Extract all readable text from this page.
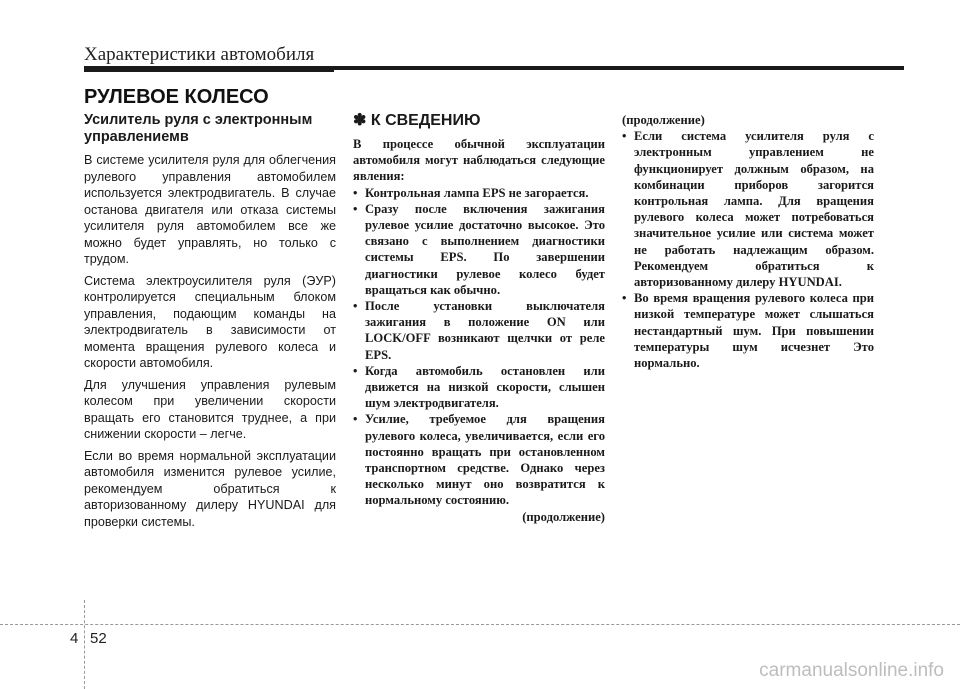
Характеристики автомобиля
РУЛЕВОЕ КОЛЕСО

Усилитель руля с электронным управлениемв

В системе усилителя руля для облегчения рулевого управления автомобилем используется электродвигатель. В случае останова двигателя или отказа системы усилителя руля автомобилем все же можно будет управлять, но только с трудом.

Система электроусилителя руля (ЭУР) контролируется специальным блоком управления, подающим команды на электродвигатель в зависимости от момента вращения рулевого колеса и скорости автомобиля.

Для улучшения управления рулевым колесом при увеличении скорости вращать его становится труднее, а при снижении скорости – легче.

Если во время нормальной эксплуатации автомобиля изменится рулевое усилие, рекомендуем обратиться к авторизованному дилеру HYUNDAI для проверки системы.

✽ К СВЕДЕНИЮ

В процессе обычной эксплуатации автомобиля могут наблюдаться следующие явления:

• Контрольная лампа EPS не загорается.
• Сразу после включения зажигания рулевое усилие достаточно высокое. Это связано с выполнением диагностики системы EPS. По завершении диагностики рулевое колесо будет вращаться как обычно.
• После установки выключателя зажигания в положение ON или LOCK/OFF возникают щелчки от реле EPS.
• Когда автомобиль остановлен или движется на низкой скорости, слышен шум электродвигателя.
• Усилие, требуемое для вращения рулевого колеса, увеличивается, если его постоянно вращать при остановленном транспортном средстве. Однако через несколько минут оно возвратится к нормальному состоянию.

(продолжение)

(продолжение)

• Если система усилителя руля с электронным управлением не функционирует должным образом, на комбинации приборов загорится контрольная лампа. Для вращения рулевого колеса может потребоваться значительное усилие или система может не работать надлежащим образом. Рекомендуем обратиться к авторизованному дилеру HYUNDAI.
• Во время вращения рулевого колеса при низкой температуре может слышаться нестандартный шум. При повышении температуры шум исчезнет Это нормально.
4 52
carmanualsonline.info
